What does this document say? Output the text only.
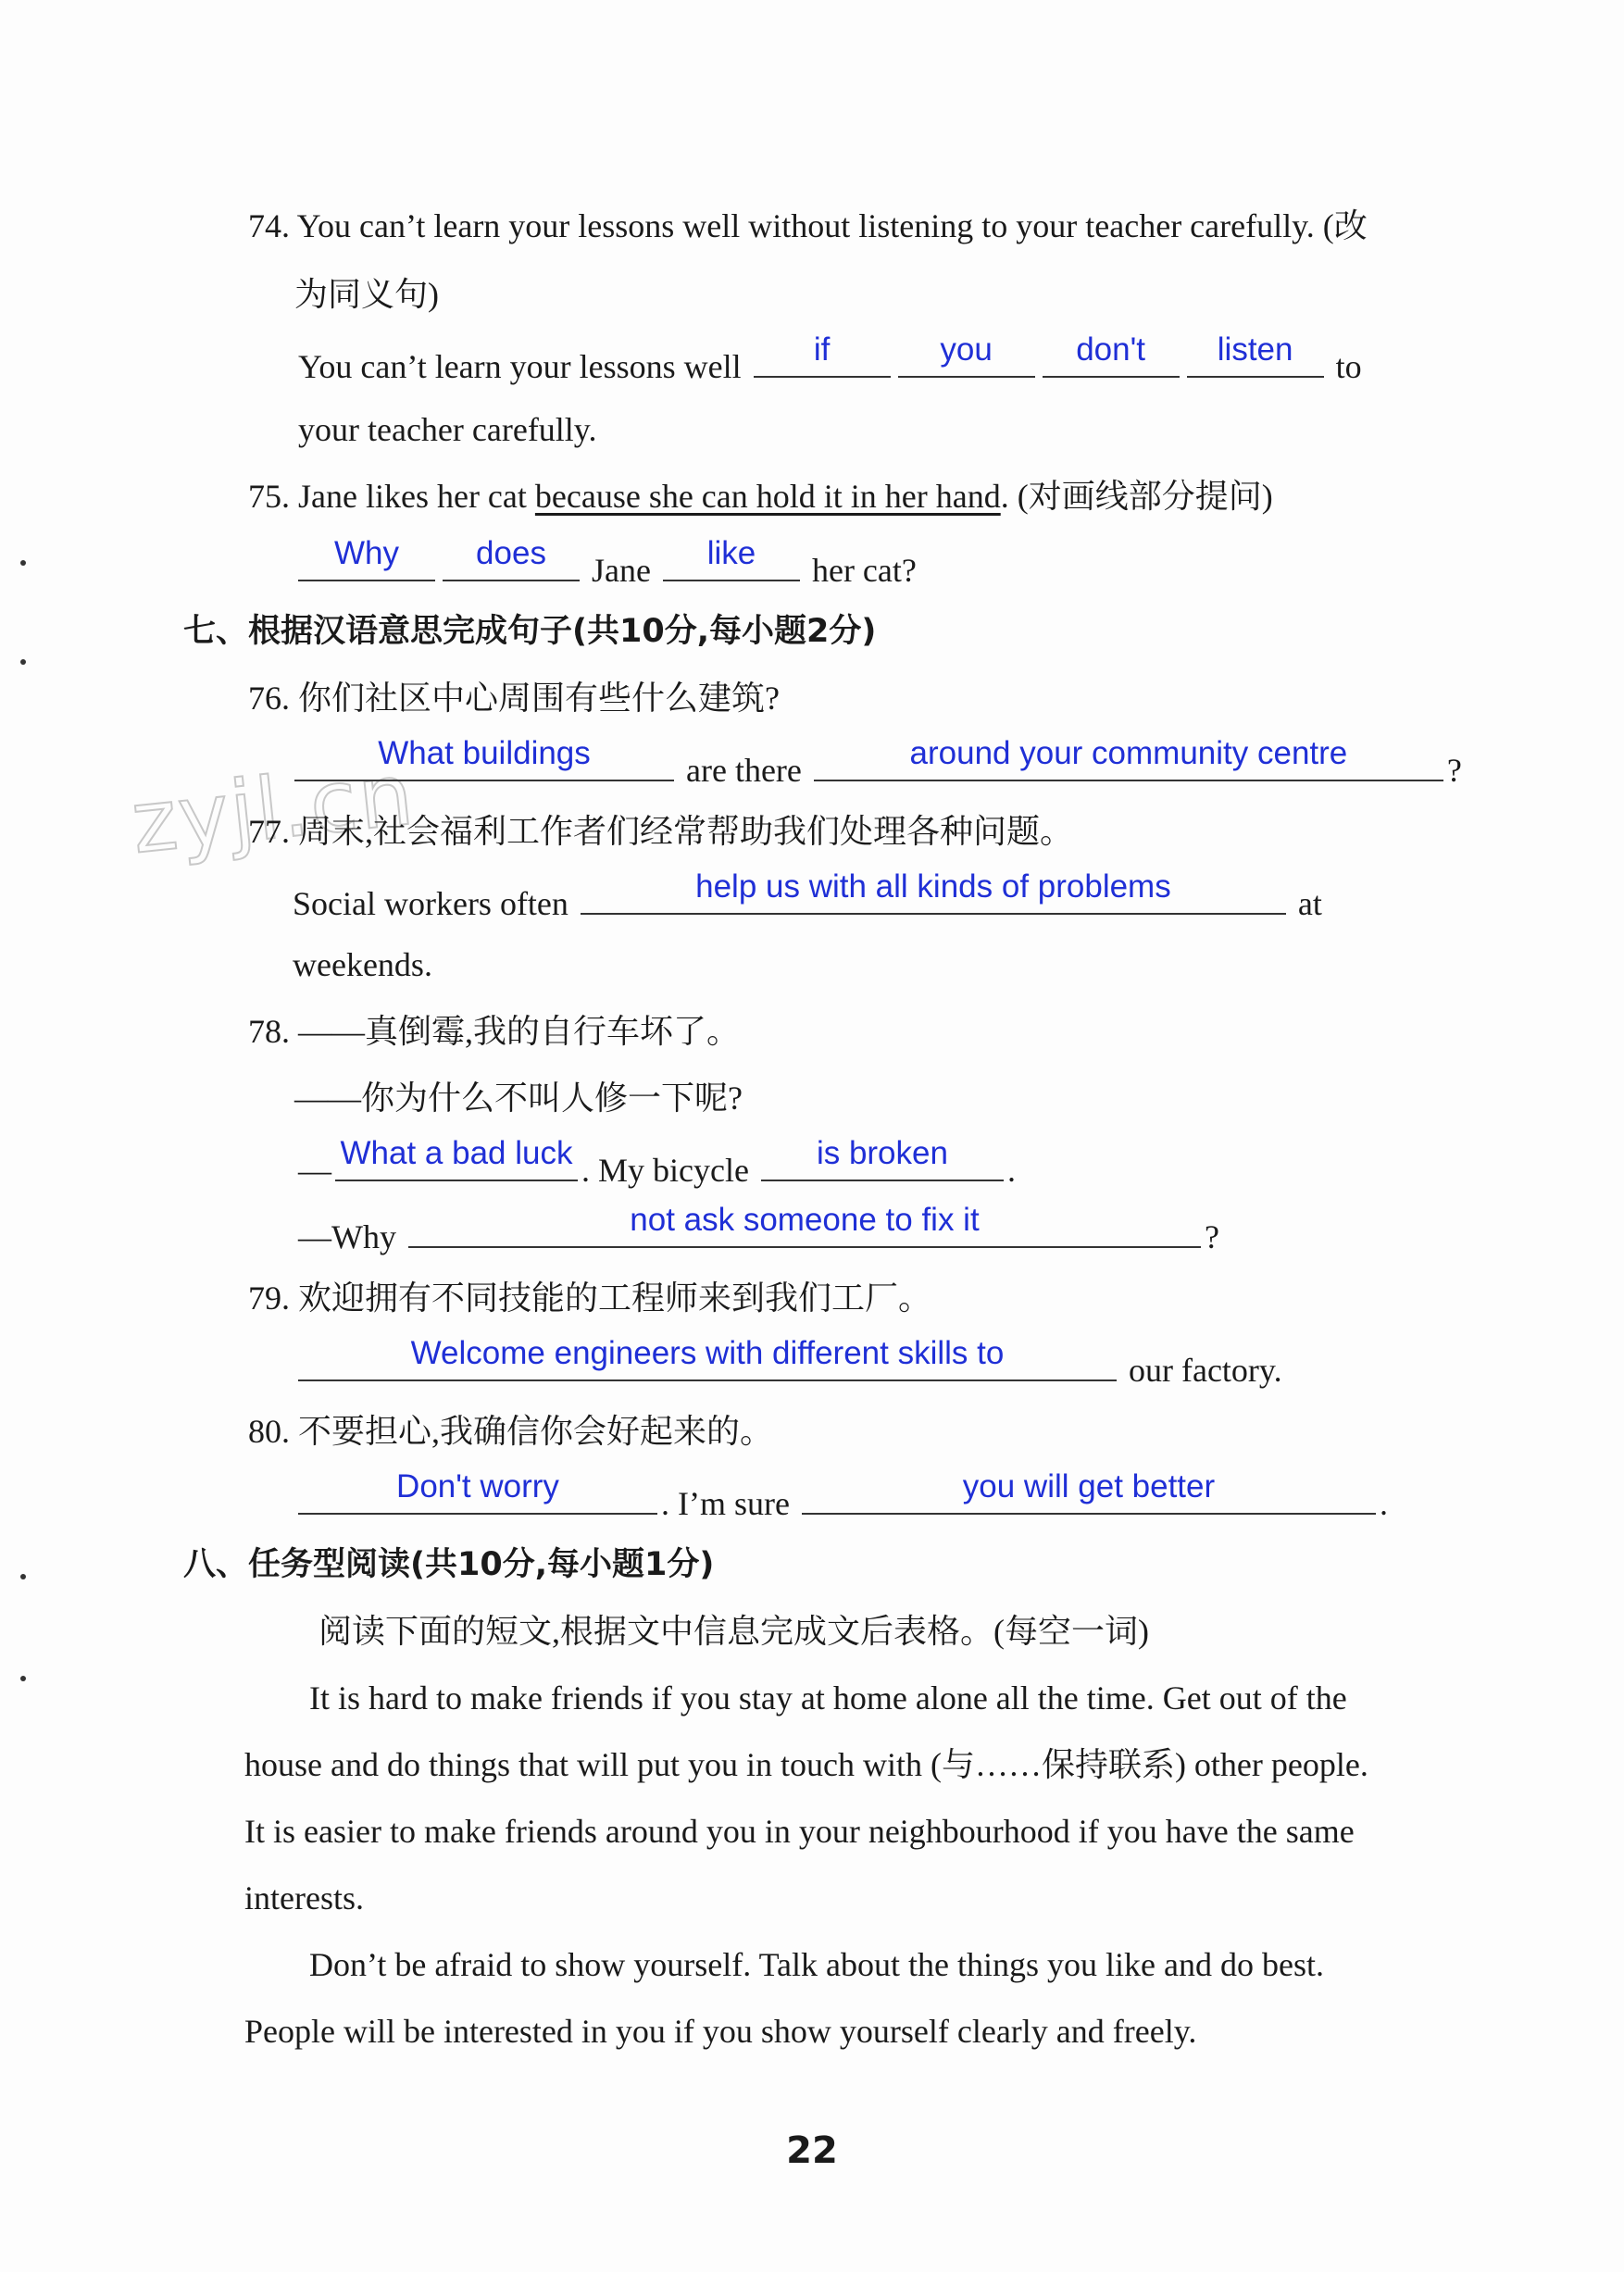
zyjl.cn
74. You can’t learn your lessons well without listening to your teacher carefully. (改
为同义句)
You can’t learn your lessons well	if	you	don't	listen	to
your teacher carefully.
75. Jane likes her cat because she can hold it in her hand. (对画线部分提问)
Why	does	Jane	like	her cat?
七、根据汉语意思完成句子(共10分,每小题2分)
76. 你们社区中心周围有些什么建筑?
What buildings	are there	around your community centre	?
77. 周末,社会福利工作者们经常帮助我们处理各种问题。
Social workers often	help us with all kinds of problems	at
weekends.
78. ——真倒霉,我的自行车坏了。
——你为什么不叫人修一下呢?
— What a bad luck . My bicycle	is broken	.
—Why	not ask someone to fix it	?
79. 欢迎拥有不同技能的工程师来到我们工厂。
Welcome engineers with different skills to	our factory.
80. 不要担心,我确信你会好起来的。
Don't worry	. I’m sure	you will get better	.
八、任务型阅读(共10分,每小题1分)
阅读下面的短文,根据文中信息完成文后表格。(每空一词)
It is hard to make friends if you stay at home alone all the time. Get out of the
house and do things that will put you in touch with (与……保持联系) other people.
It is easier to make friends around you in your neighbourhood if you have the same
interests.
Don’t be afraid to show yourself. Talk about the things you like and do best.
People will be interested in you if you show yourself clearly and freely.
22
